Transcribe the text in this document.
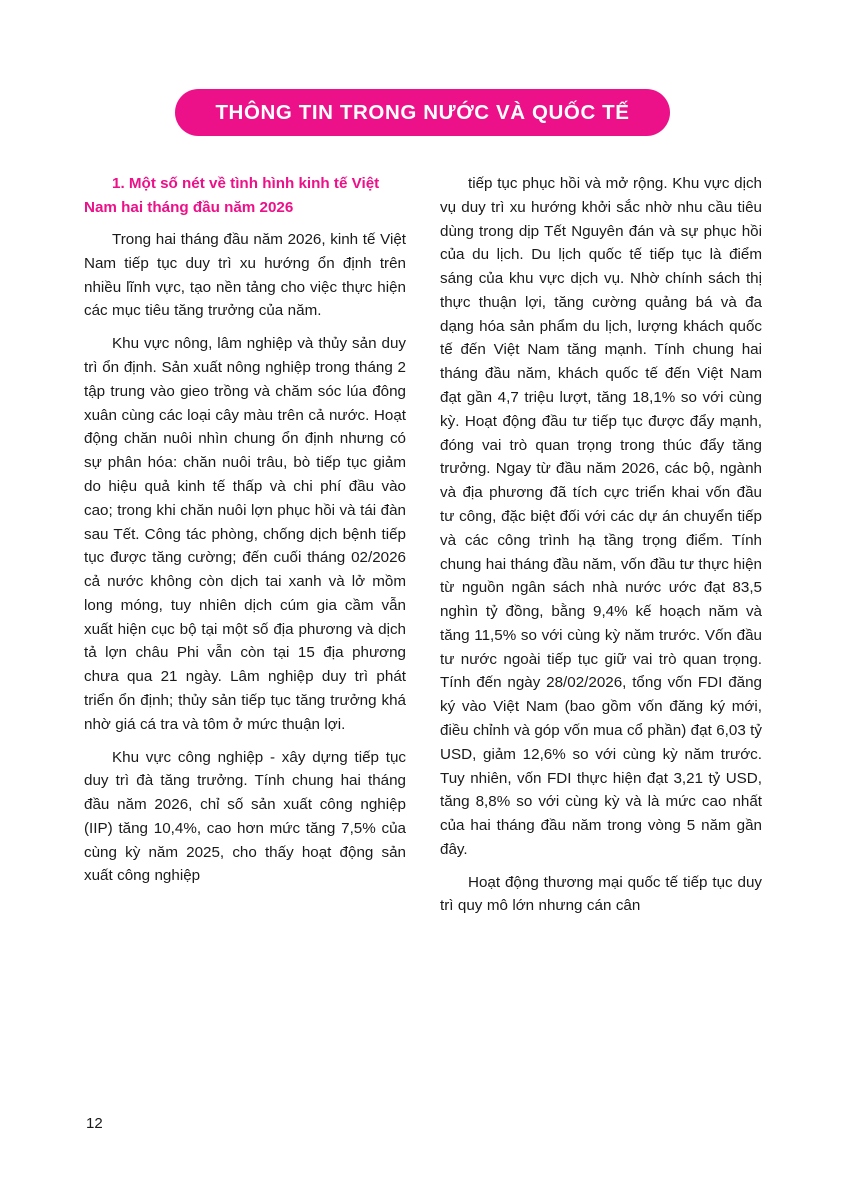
THÔNG TIN TRONG NƯỚC VÀ QUỐC TẾ

1. Một số nét về tình hình kinh tế Việt Nam hai tháng đầu năm 2026

Trong hai tháng đầu năm 2026, kinh tế Việt Nam tiếp tục duy trì xu hướng ổn định trên nhiều lĩnh vực, tạo nền tảng cho việc thực hiện các mục tiêu tăng trưởng của năm.

Khu vực nông, lâm nghiệp và thủy sản duy trì ổn định. Sản xuất nông nghiệp trong tháng 2 tập trung vào gieo trồng và chăm sóc lúa đông xuân cùng các loại cây màu trên cả nước. Hoạt động chăn nuôi nhìn chung ổn định nhưng có sự phân hóa: chăn nuôi trâu, bò tiếp tục giảm do hiệu quả kinh tế thấp và chi phí đầu vào cao; trong khi chăn nuôi lợn phục hồi và tái đàn sau Tết. Công tác phòng, chống dịch bệnh tiếp tục được tăng cường; đến cuối tháng 02/2026 cả nước không còn dịch tai xanh và lở mồm long móng, tuy nhiên dịch cúm gia cầm vẫn xuất hiện cục bộ tại một số địa phương và dịch tả lợn châu Phi vẫn còn tại 15 địa phương chưa qua 21 ngày. Lâm nghiệp duy trì phát triển ổn định; thủy sản tiếp tục tăng trưởng khá nhờ giá cá tra và tôm ở mức thuận lợi.

Khu vực công nghiệp - xây dựng tiếp tục duy trì đà tăng trưởng. Tính chung hai tháng đầu năm 2026, chỉ số sản xuất công nghiệp (IIP) tăng 10,4%, cao hơn mức tăng 7,5% của cùng kỳ năm 2025, cho thấy hoạt động sản xuất công nghiệp

tiếp tục phục hồi và mở rộng. Khu vực dịch vụ duy trì xu hướng khởi sắc nhờ nhu cầu tiêu dùng trong dịp Tết Nguyên đán và sự phục hồi của du lịch. Du lịch quốc tế tiếp tục là điểm sáng của khu vực dịch vụ. Nhờ chính sách thị thực thuận lợi, tăng cường quảng bá và đa dạng hóa sản phẩm du lịch, lượng khách quốc tế đến Việt Nam tăng mạnh. Tính chung hai tháng đầu năm, khách quốc tế đến Việt Nam đạt gần 4,7 triệu lượt, tăng 18,1% so với cùng kỳ. Hoạt động đầu tư tiếp tục được đẩy mạnh, đóng vai trò quan trọng trong thúc đẩy tăng trưởng. Ngay từ đầu năm 2026, các bộ, ngành và địa phương đã tích cực triển khai vốn đầu tư công, đặc biệt đối với các dự án chuyển tiếp và các công trình hạ tầng trọng điểm. Tính chung hai tháng đầu năm, vốn đầu tư thực hiện từ nguồn ngân sách nhà nước ước đạt 83,5 nghìn tỷ đồng, bằng 9,4% kế hoạch năm và tăng 11,5% so với cùng kỳ năm trước. Vốn đầu tư nước ngoài tiếp tục giữ vai trò quan trọng. Tính đến ngày 28/02/2026, tổng vốn FDI đăng ký vào Việt Nam (bao gồm vốn đăng ký mới, điều chỉnh và góp vốn mua cổ phần) đạt 6,03 tỷ USD, giảm 12,6% so với cùng kỳ năm trước. Tuy nhiên, vốn FDI thực hiện đạt 3,21 tỷ USD, tăng 8,8% so với cùng kỳ và là mức cao nhất của hai tháng đầu năm trong vòng 5 năm gần đây.

Hoạt động thương mại quốc tế tiếp tục duy trì quy mô lớn nhưng cán cân

12
